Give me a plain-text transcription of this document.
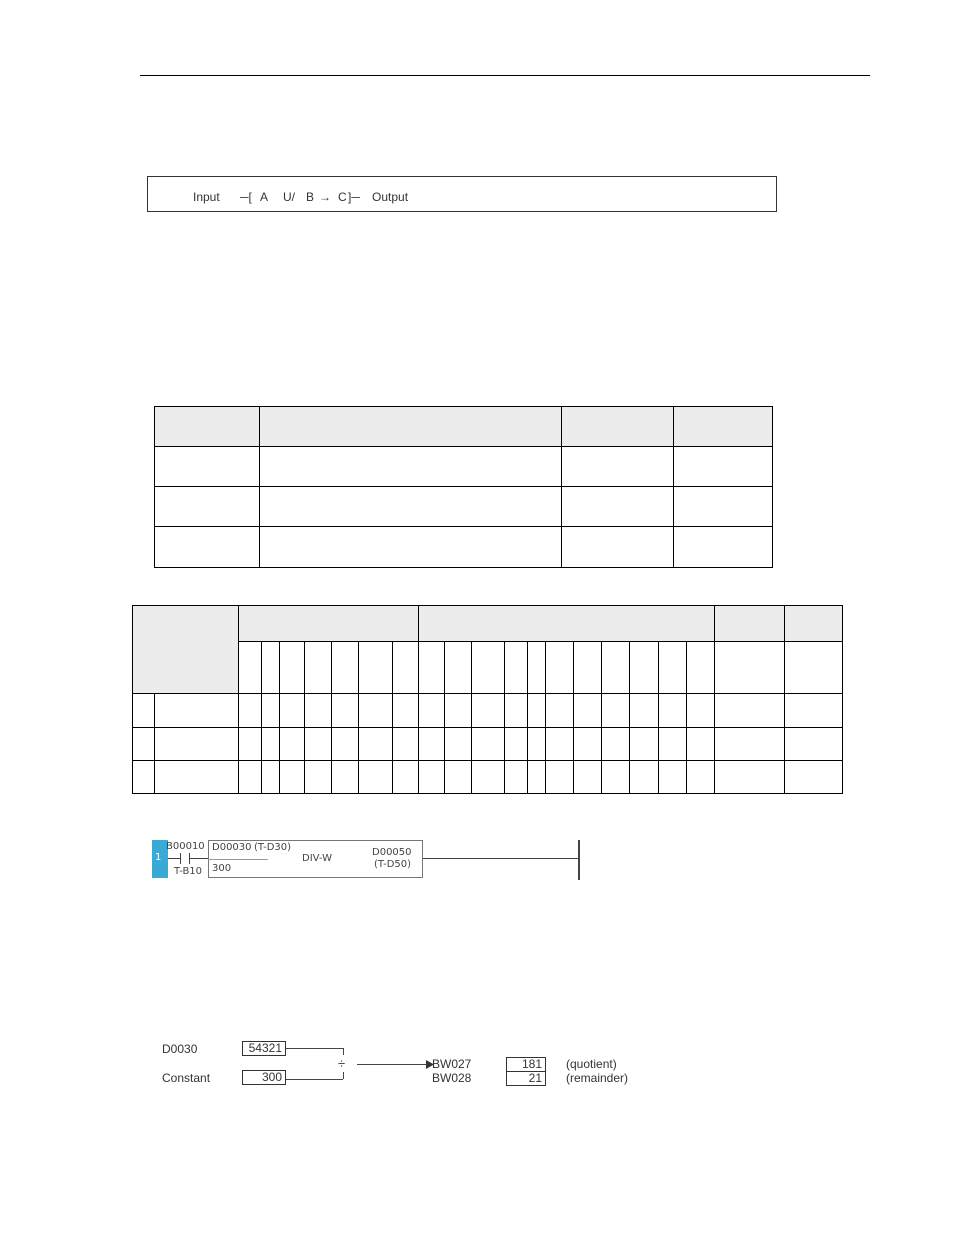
Input ─[ A U/ B → C ]─ Output

1
B00010
T-B10
D00030 (T-D30)
300
DIV-W
D00050
(T-D50)
D0030	54321
Constant	300
÷	BW027
BW028
181
21
(quotient)
(remainder)
